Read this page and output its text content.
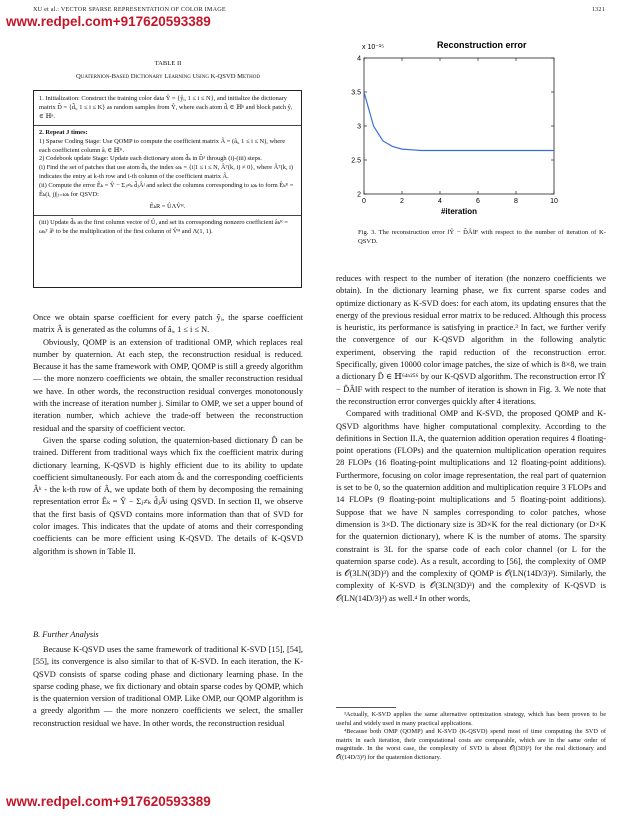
XU et al.: VECTOR SPARSE REPRESENTATION OF COLOR IMAGE	1321
www.redpel.com+917620593389
www.redpel.com+917620593389
TABLE II
Quaternion-Based Dictionary Learning Using K-QSVD Method
1. Initialization: Construct the training color data Ŷ = {ŷᵢ, 1 ≤ i ≤ N}, and initialize the dictionary matrix D̂ = {d̂ᵢ, 1 ≤ i ≤ K} as random samples from Ŷ, where each atom d̂ᵢ ∈ ℍⁿ and block patch ŷᵢ ∈ ℍⁿ.
2. Repeat J times:
1) Sparse Coding Stage: Use QOMP to compute the coefficient matrix Â = (âᵢ, 1 ≤ i ≤ N), where each coefficient column âᵢ ∈ ℍᴷ.
2) Codebook update Stage: Update each dictionary atom d̂ₖ in D̂ᴶ through (i)-(iii) steps.
(i) Find the set of patches that use atom d̂ₖ, the index ωₖ = {i|1 ≤ i ≤ N, Âᵀ(k, i) ≠ 0}, where Âᵀ(k, i) indicates the entry at k-th row and i-th column of the coefficient matrix Â.
(ii) Compute the error Êₖ = Ŷ − Σⱼ≠ₖ d̂ⱼÂʲ and select the columns corresponding to ωₖ to form Êₖᴿ = Êₖ(i, j)|ⱼ₌ωₖ for QSVD:
ÊₖR = ÛΛV̂ᴴ.
(iii) Update d̂ₖ as the first column vector of Û, and set its corresponding nonzero coefficient âₖᴿ = ωₖᵀ âᵏ to be the multiplication of the first column of V̂ᴴ and Λ(1, 1).

Once we obtain sparse coefficient for every patch ŷᵢ, the sparse coefficient matrix Â is generated as the columns of âᵢ, 1 ≤ i ≤ N.

Obviously, QOMP is an extension of traditional OMP, which replaces real number by quaternion. At each step, the reconstruction residual is reduced. Because it has the same framework with OMP, QOMP is still a greedy algorithm — the more nonzero coefficients we obtain, the smaller reconstruction residual we have. In other words, the reconstruction residual converges monotonously with the increase of iteration number j. Similar to OMP, we set a upper bound of iteration number, which achieve the trade-off between the reconstruction residual and the sparsity of coefficient vector.

Given the sparse coding solution, the quaternion-based dictionary D̂ can be trained. Different from traditional ways which fix the coefficient matrix during dictionary learning, K-QSVD is highly efficient due to its ability to update coefficient simultaneously. For each atom d̂ₖ and the corresponding coefficients Âᵏ - the k-th row of Â, we update both of them by decomposing the remaining representation error Êₖ = Ŷ − Σⱼ≠ₖ d̂ⱼÂʲ using QSVD. In section II, we observe that the first basis of QSVD contains more information than that of SVD for color images. This indicates that the update of atoms and their corresponding coefficients can be more efficient using K-QSVD. The details of K-QSVD algorithm is shown in Table II.

B. Further Analysis

Because K-QSVD uses the same framework of traditional K-SVD [15], [54], [55], its convergence is also similar to that of K-SVD. In each iteration, the K-QSVD consists of sparse coding phase and dictionary learning phase. In the sparse coding phase, we fix dictionary and obtain sparse codes by QOMP, which is the quaternion version of traditional OMP. Like OMP, our QOMP algorithm is a greedy algorithm — the more nonzero coefficients we select, the smaller reconstruction residual we have. In other words, the reconstruction residual

Reconstruction error
x 10⁻¹⁵
#iteration
0	2	4	6	8	10
2
2.5
3
3.5
4
Fig. 3. The reconstruction error ‖Ŷ − D̂Â‖F with respect to the number of iteration of K-QSVD.

reduces with respect to the number of iteration (the nonzero coefficients we obtain). In the dictionary learning phase, we fix current sparse codes and optimize dictionary as K-SVD does: for each atom, its updating ensures that the energy of the previous residual error matrix to be reduced. Although this process is heuristic, its performance is satisfying in practice.³ In fact, we further verify the convergence of our K-QSVD algorithm in the following analytic experiment, observing the rapid reduction of the reconstruction error. Specifically, given 10000 color image patches, the size of which is 8×8, we train a dictionary D̂ ∈ ℍ⁶⁴ˣ²⁵⁶ by our K-QSVD algorithm. The reconstruction error ‖Ŷ − D̂Â‖F with respect to the number of iteration is shown in Fig. 3. We note that the reconstruction error converges quickly after 4 iterations.

Compared with traditional OMP and K-SVD, the proposed QOMP and K-QSVD algorithms have higher computational complexity. According to the definitions in Section II.A, the quaternion addition operation requires 4 floating-point operations (FLOPs) and the quaternion multiplication operation requires 28 FLOPs (16 floating-point multiplications and 12 floating-point additions). Furthermore, focusing on color image representation, the real part of quaternion is set to be 0, so the quaternion addition and multiplication require 3 FLOPs and 14 FLOPs (9 floating-point multiplications and 5 floating-point additions). Suppose that we have N samples corresponding to color patches, whose dimension is 3×D. The dictionary size is 3D×K for the real dictionary (or D×K for the quaternion dictionary), where K is the number of atoms. The sparsity constraint is 3L for the sparse code of each color channel (or L for the quaternion sparse code). As a result, according to [56], the complexity of OMP is 𝒪(3LN(3D)³) and the complexity of QOMP is 𝒪(LN(14D/3)³). Similarly, the complexity of K-SVD is 𝒪(3LN(3D)³) and the complexity of K-QSVD is 𝒪(LN(14D/3)³) as well.⁴ In other words,

³Actually, K-SVD applies the same alternative optimization strategy, which has been proven to be useful and widely used in many practical applications.
⁴Because both OMP (QOMP) and K-SVD (K-QSVD) spend most of time computing the SVD of matrix in each iteration, their computational costs are comparable, which are in the same order of magnitude. In the worst case, the complexity of SVD is about 𝒪((3D)³) for the real dictionary and 𝒪((14D/3)³) for the quaternion dictionary.
